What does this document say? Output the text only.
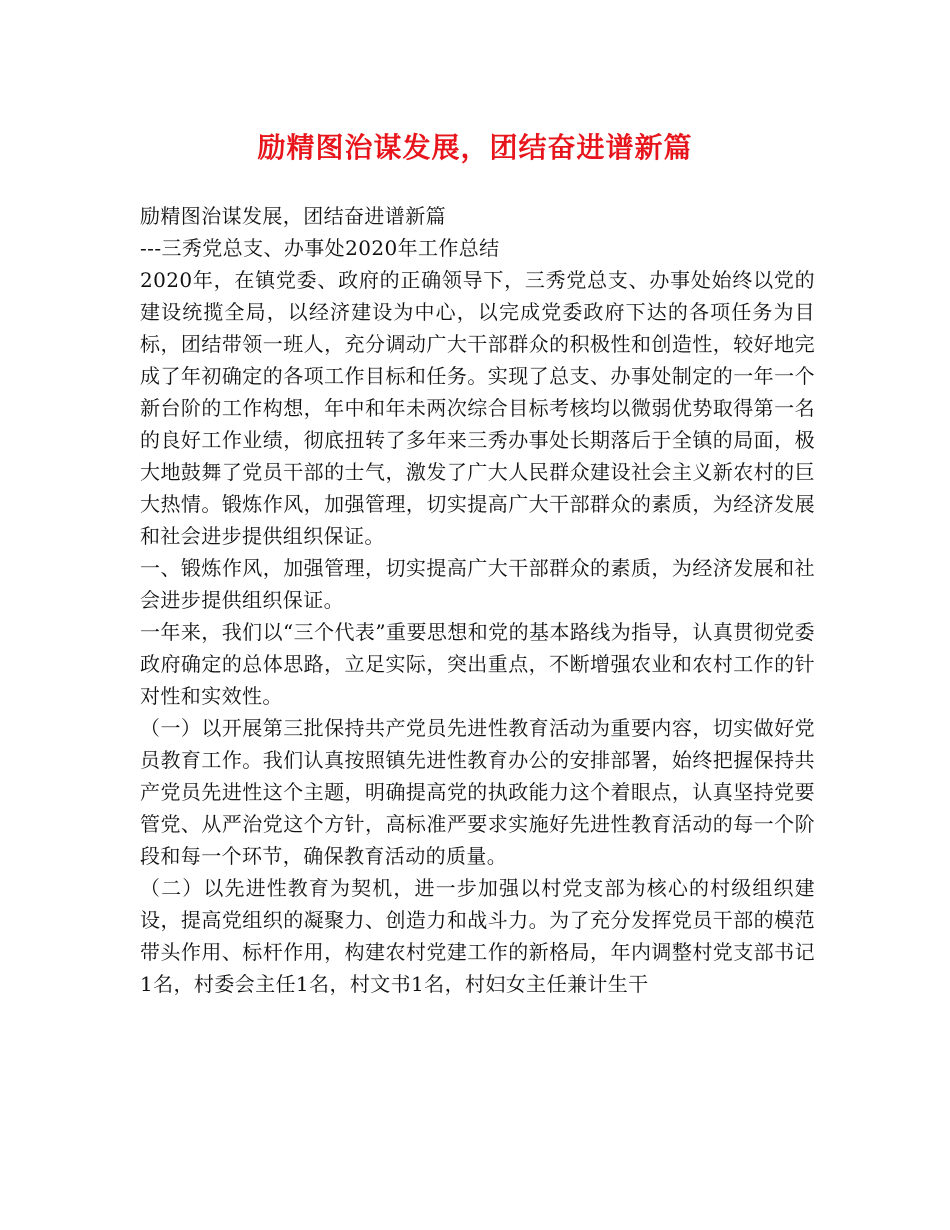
励精图治谋发展，团结奋进谱新篇

励精图治谋发展，团结奋进谱新篇

---三秀党总支、办事处2020年工作总结

2020年，在镇党委、政府的正确领导下，三秀党总支、办事处始终以党的建设统揽全局，以经济建设为中心，以完成党委政府下达的各项任务为目标，团结带领一班人，充分调动广大干部群众的积极性和创造性，较好地完成了年初确定的各项工作目标和任务。实现了总支、办事处制定的一年一个新台阶的工作构想，年中和年未两次综合目标考核均以微弱优势取得第一名的良好工作业绩，彻底扭转了多年来三秀办事处长期落后于全镇的局面，极大地鼓舞了党员干部的士气，激发了广大人民群众建设社会主义新农村的巨大热情。锻炼作风，加强管理，切实提高广大干部群众的素质，为经济发展和社会进步提供组织保证。

一、锻炼作风，加强管理，切实提高广大干部群众的素质，为经济发展和社会进步提供组织保证。

一年来，我们以“三个代表”重要思想和党的基本路线为指导，认真贯彻党委政府确定的总体思路，立足实际，突出重点，不断增强农业和农村工作的针对性和实效性。

（一）以开展第三批保持共产党员先进性教育活动为重要内容，切实做好党员教育工作。我们认真按照镇先进性教育办公的安排部署，始终把握保持共产党员先进性这个主题，明确提高党的执政能力这个着眼点，认真坚持党要管党、从严治党这个方针，高标准严要求实施好先进性教育活动的每一个阶段和每一个环节，确保教育活动的质量。

（二）以先进性教育为契机，进一步加强以村党支部为核心的村级组织建设，提高党组织的凝聚力、创造力和战斗力。为了充分发挥党员干部的模范带头作用、标杆作用，构建农村党建工作的新格局，年内调整村党支部书记1名，村委会主任1名，村文书1名，村妇女主任兼计生干
